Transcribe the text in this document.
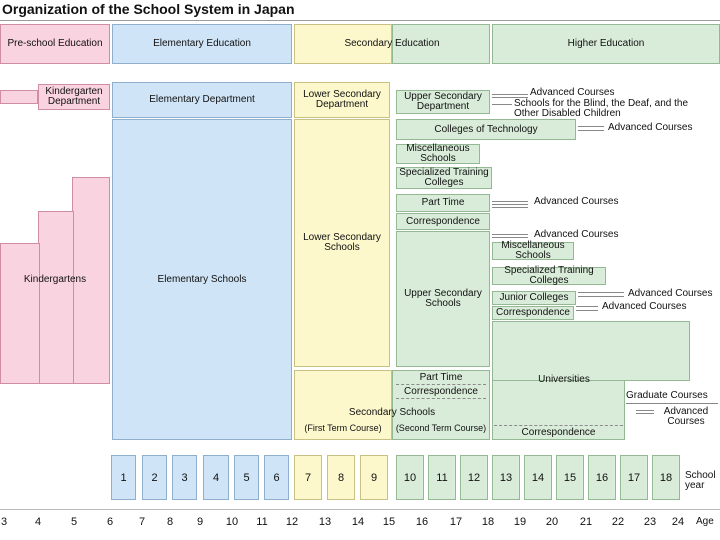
Organization of the School System in Japan
Pre-school Education	Elementary Education	Secondary Education	Higher Education
Kindergarten Department
Kindergartens
Elementary Department
Elementary Schools
Lower Secondary Department
Lower Secondary Schools
Upper Secondary Department
Colleges of Technology
Miscellaneous Schools
Specialized Training Colleges
Part Time
Correspondence
Upper Secondary Schools
Miscellaneous Schools
Specialized Training Colleges
Junior Colleges
Correspondence
Universities
Correspondence
Part Time
Correspondence
Secondary Schools
(First Term Course)	(Second Term Course)
Advanced Courses
Schools for the Blind, the Deaf, and the Other Disabled Children
Advanced Courses
Advanced Courses
Advanced Courses
Advanced Courses
Advanced Courses
Graduate Courses
Advanced Courses
1	2	3	4	5	6	7	8	9	10	11	12	13	14	15	16	17	18	School year
3	4	5	6	7	8	9	10	11	12	13	14	15	16	17	18	19	20	21	22	23	24	Age
